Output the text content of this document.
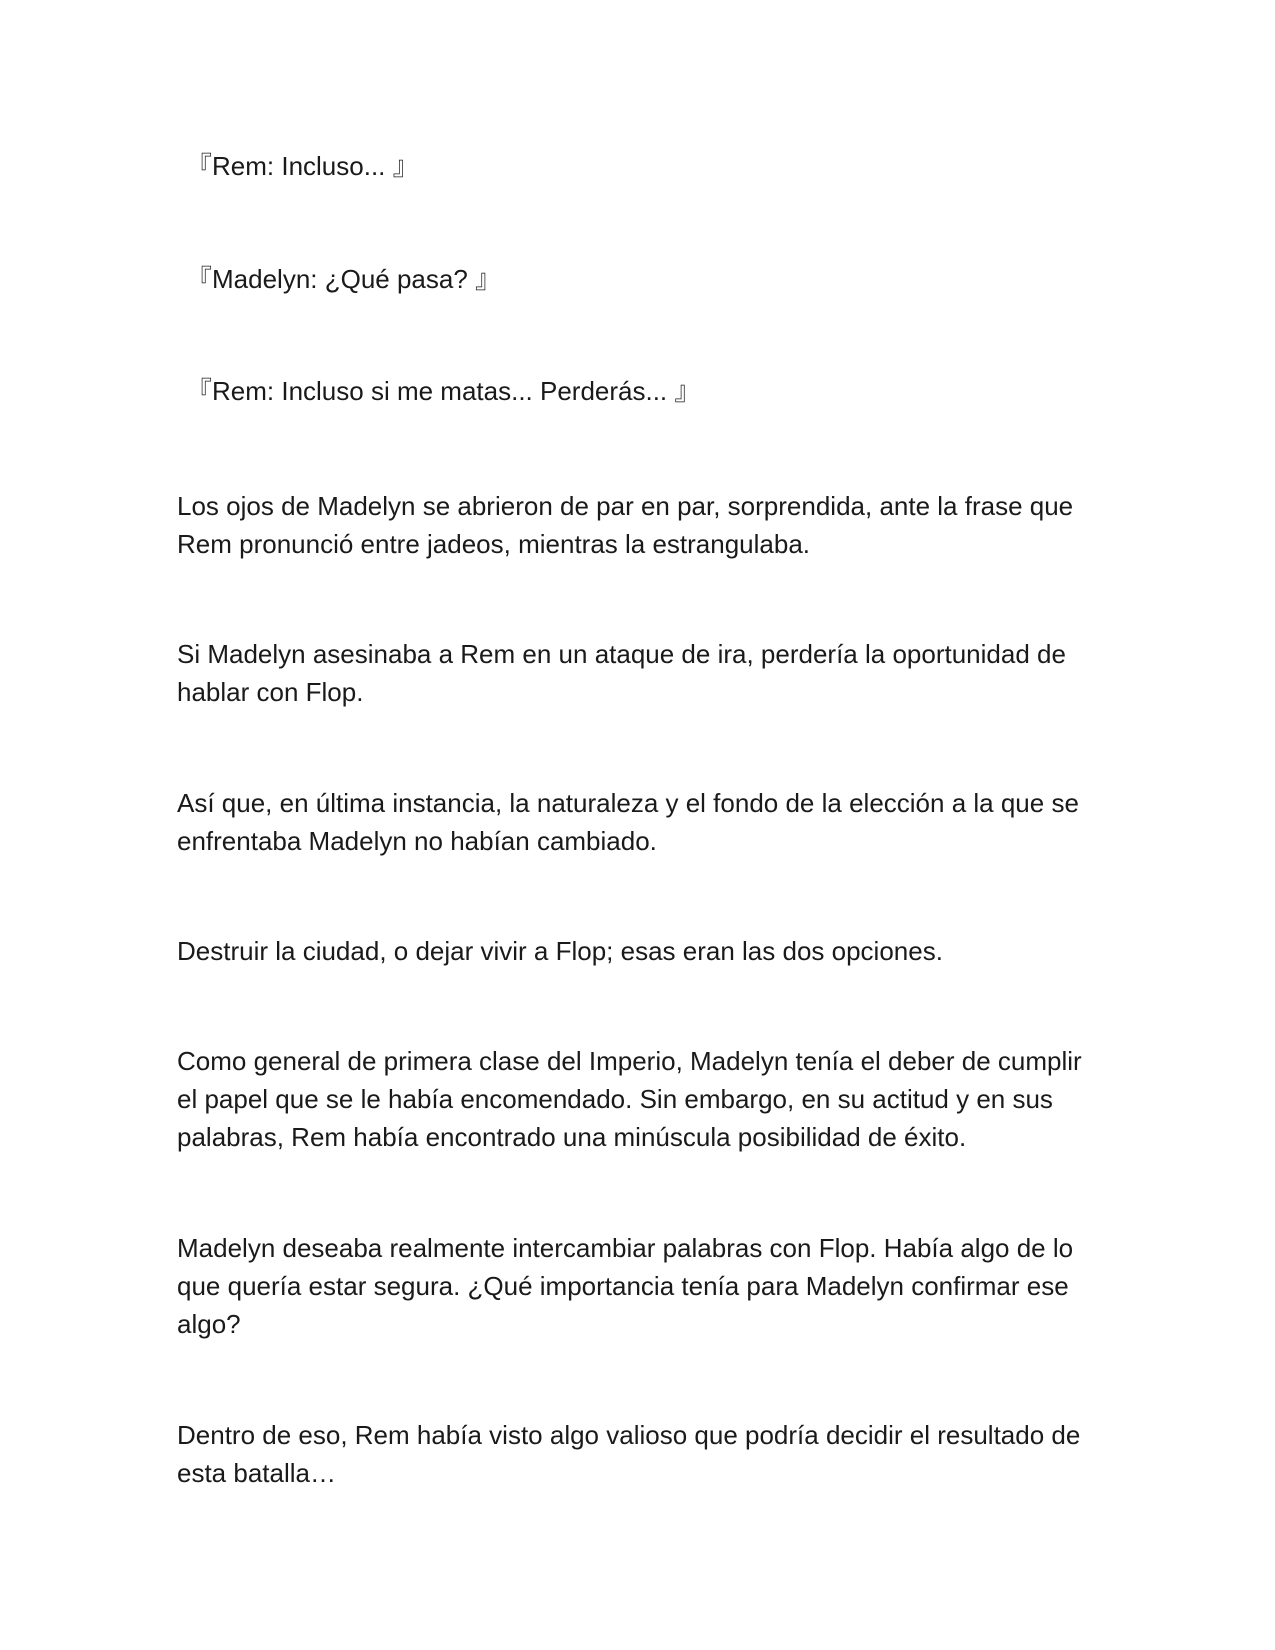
『Rem: Incluso... 』

『Madelyn: ¿Qué pasa? 』

『Rem: Incluso si me matas... Perderás... 』

Los ojos de Madelyn se abrieron de par en par, sorprendida, ante la frase que Rem pronunció entre jadeos, mientras la estrangulaba.

Si Madelyn asesinaba a Rem en un ataque de ira, perdería la oportunidad de hablar con Flop.

Así que, en última instancia, la naturaleza y el fondo de la elección a la que se enfrentaba Madelyn no habían cambiado.

Destruir la ciudad, o dejar vivir a Flop; esas eran las dos opciones.

Como general de primera clase del Imperio, Madelyn tenía el deber de cumplir el papel que se le había encomendado. Sin embargo, en su actitud y en sus palabras, Rem había encontrado una minúscula posibilidad de éxito.

Madelyn deseaba realmente intercambiar palabras con Flop. Había algo de lo que quería estar segura. ¿Qué importancia tenía para Madelyn confirmar ese algo?

Dentro de eso, Rem había visto algo valioso que podría decidir el resultado de esta batalla…
